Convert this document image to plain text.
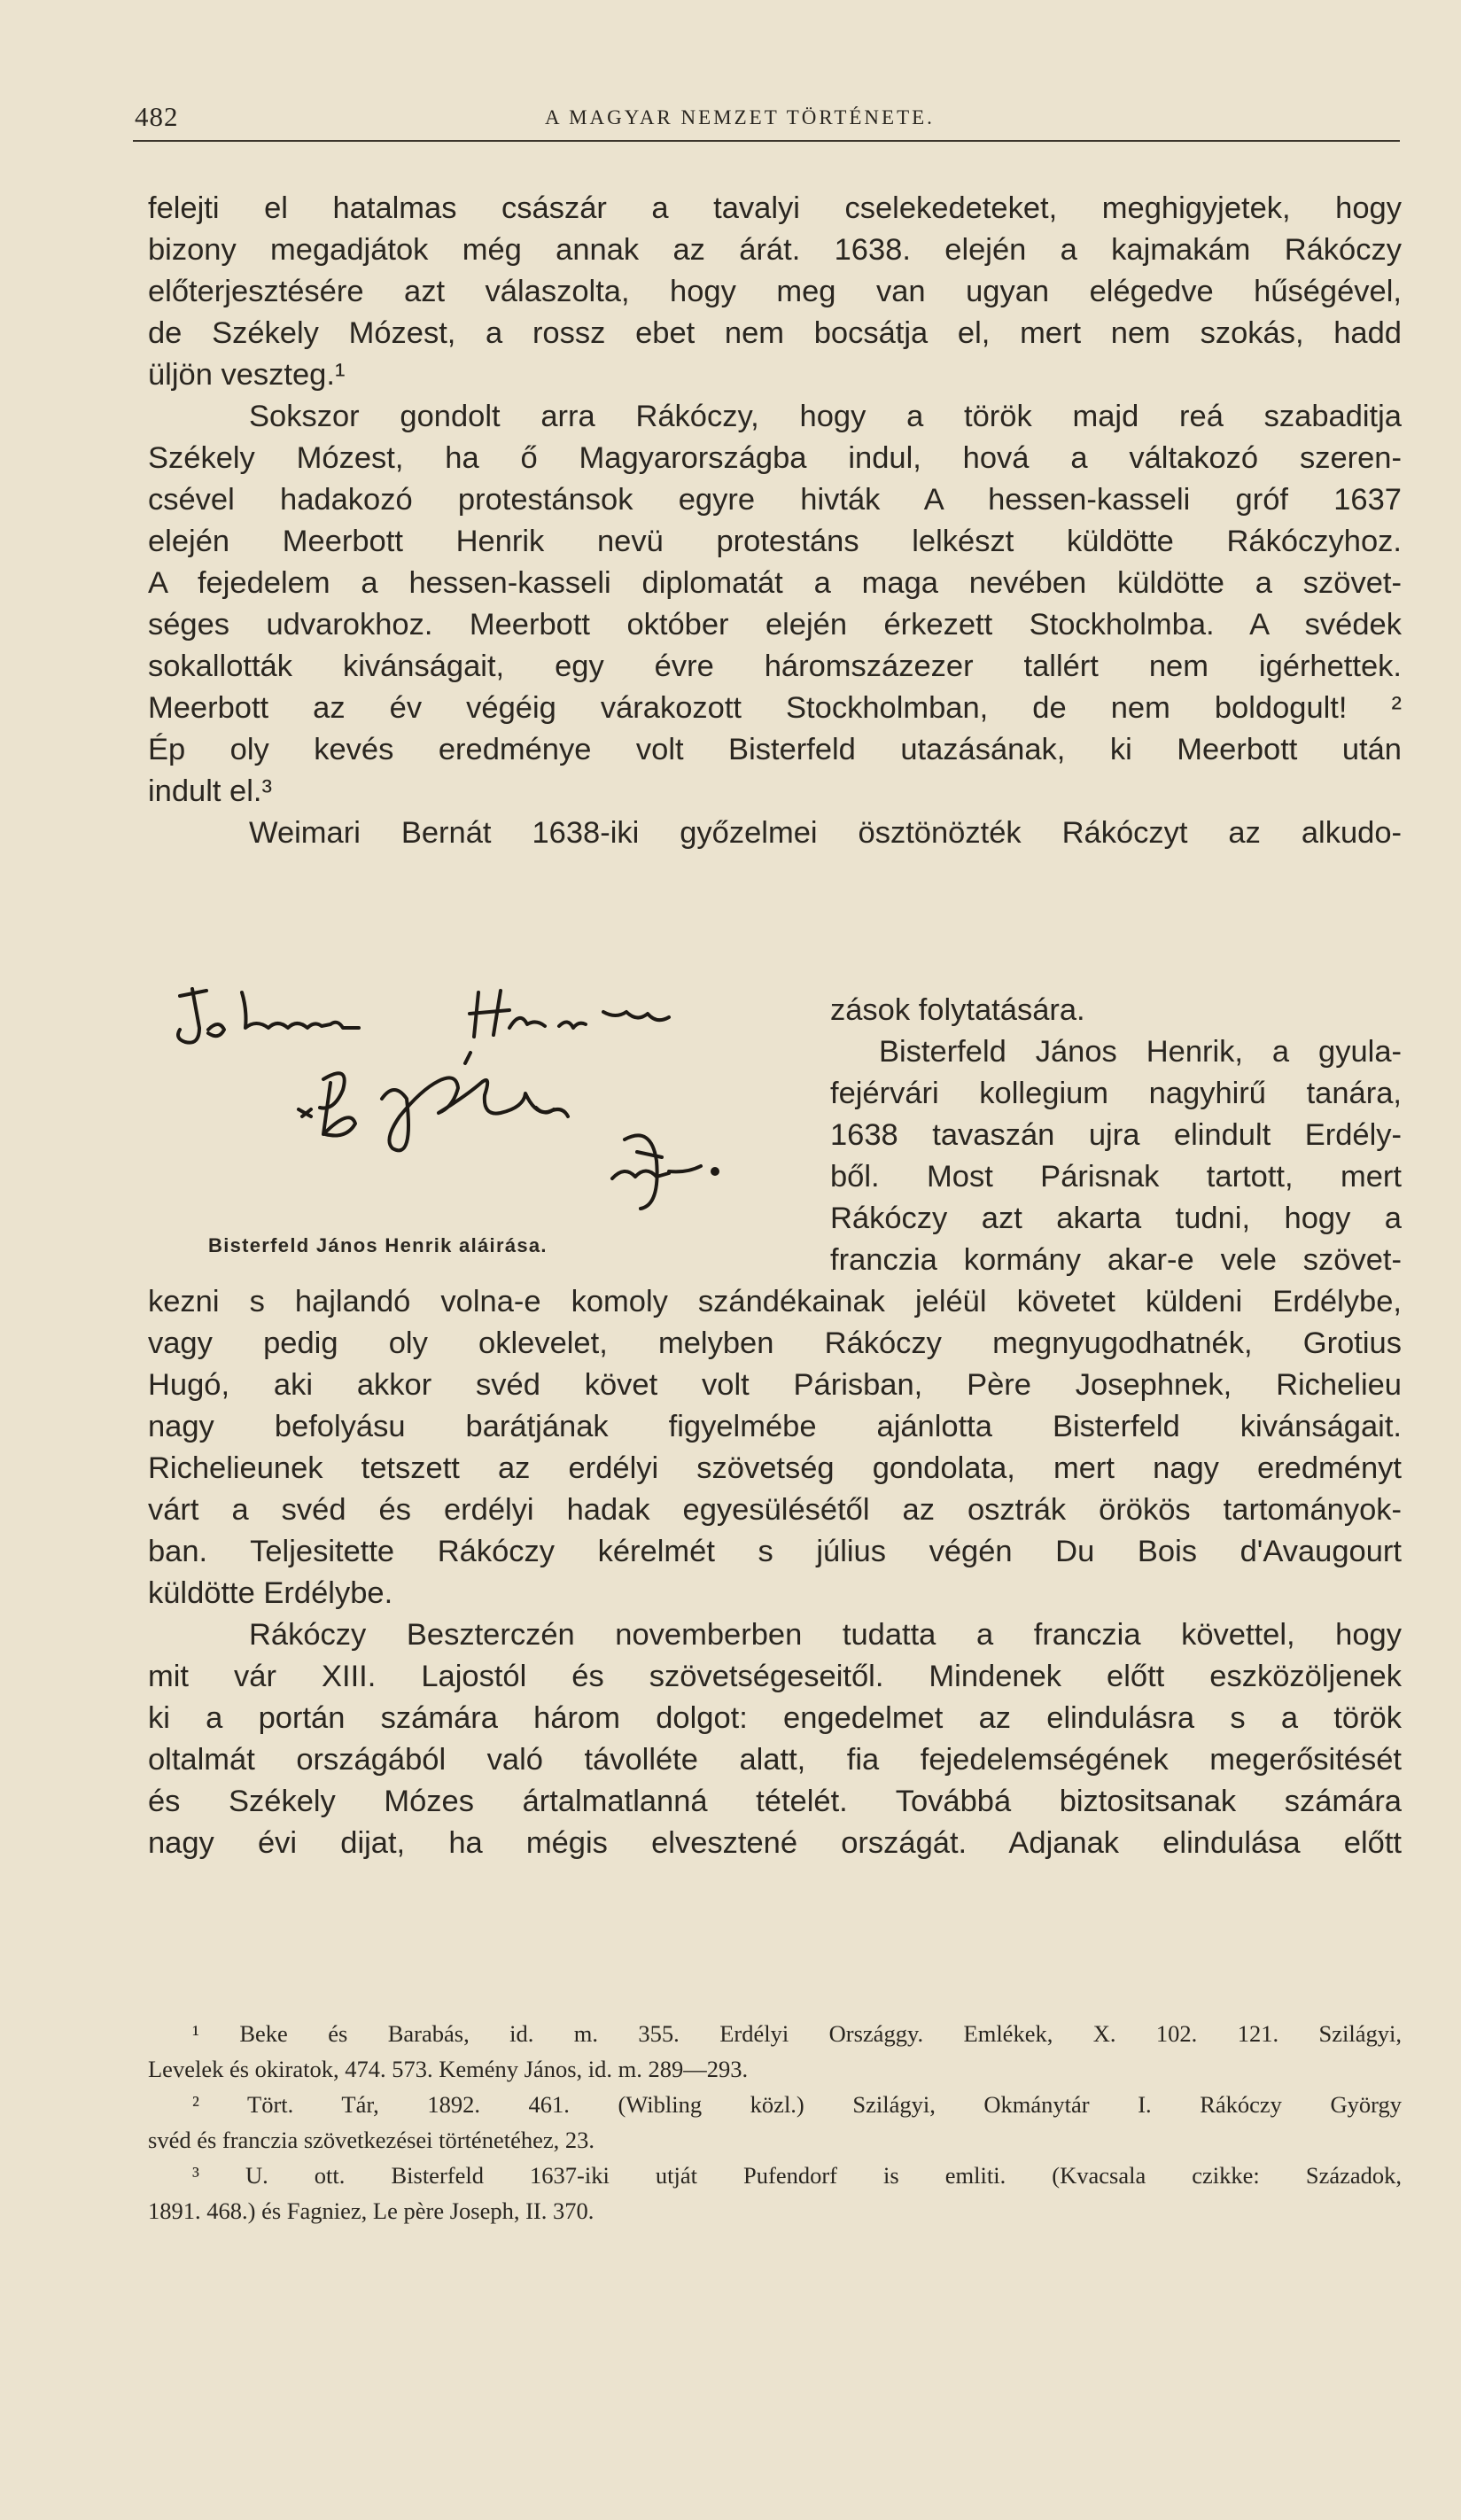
482	A MAGYAR NEMZET TÖRTÉNETE.
felejti el hatalmas császár a tavalyi cselekedeteket, meghigyjetek, hogy
bizony megadjátok még annak az árát. 1638. elején a kajmakám Rákóczy
előterjesztésére azt válaszolta, hogy meg van ugyan elégedve hűségével,
de Székely Mózest, a rossz ebet nem bocsátja el, mert nem szokás, hadd
üljön veszteg.¹
Sokszor gondolt arra Rákóczy, hogy a török majd reá szabaditja
Székely Mózest, ha ő Magyarországba indul, hová a váltakozó szeren-
csével hadakozó protestánsok egyre hivták A hessen-kasseli gróf 1637
elején Meerbott Henrik nevü protestáns lelkészt küldötte Rákóczyhoz.
A fejedelem a hessen-kasseli diplomatát a maga nevében küldötte a szövet-
séges udvarokhoz. Meerbott október elején érkezett Stockholmba. A svédek
sokallották kivánságait, egy évre háromszázezer tallért nem igérhettek.
Meerbott az év végéig várakozott Stockholmban, de nem boldogult! ²
Ép oly kevés eredménye volt Bisterfeld utazásának, ki Meerbott után
indult el.³
Weimari Bernát 1638-iki győzelmei ösztönözték Rákóczyt az alkudo-
Bisterfeld János Henrik aláirása.
zások folytatására.
Bisterfeld János Henrik, a gyula-
fejérvári kollegium nagyhirű tanára,
1638 tavaszán ujra elindult Erdély-
ből. Most Párisnak tartott, mert
Rákóczy azt akarta tudni, hogy a
franczia kormány akar-e vele szövet-
kezni s hajlandó volna-e komoly szándékainak jeléül követet küldeni Erdélybe,
vagy pedig oly oklevelet, melyben Rákóczy megnyugodhatnék, Grotius
Hugó, aki akkor svéd követ volt Párisban, Père Josephnek, Richelieu
nagy befolyásu barátjának figyelmébe ajánlotta Bisterfeld kivánságait.
Richelieunek tetszett az erdélyi szövetség gondolata, mert nagy eredményt
várt a svéd és erdélyi hadak egyesülésétől az osztrák örökös tartományok-
ban. Teljesitette Rákóczy kérelmét s július végén Du Bois d'Avaugourt
küldötte Erdélybe.
Rákóczy Beszterczén novemberben tudatta a franczia követtel, hogy
mit vár XIII. Lajostól és szövetségeseitől. Mindenek előtt eszközöljenek
ki a portán számára három dolgot: engedelmet az elindulásra s a török
oltalmát országából való távolléte alatt, fia fejedelemségének megerősitését
és Székely Mózes ártalmatlanná tételét. Továbbá biztositsanak számára
nagy évi dijat, ha mégis elvesztené országát. Adjanak elindulása előtt
¹ Beke és Barabás, id. m. 355. Erdélyi Országgy. Emlékek, X. 102. 121. Szilágyi,
Levelek és okiratok, 474. 573. Kemény János, id. m. 289—293.
² Tört. Tár, 1892. 461. (Wibling közl.) Szilágyi, Okmánytár I. Rákóczy György
svéd és franczia szövetkezései történetéhez, 23.
³ U. ott. Bisterfeld 1637-iki utját Pufendorf is emliti. (Kvacsala czikke: Századok,
1891. 468.) és Fagniez, Le père Joseph, II. 370.
